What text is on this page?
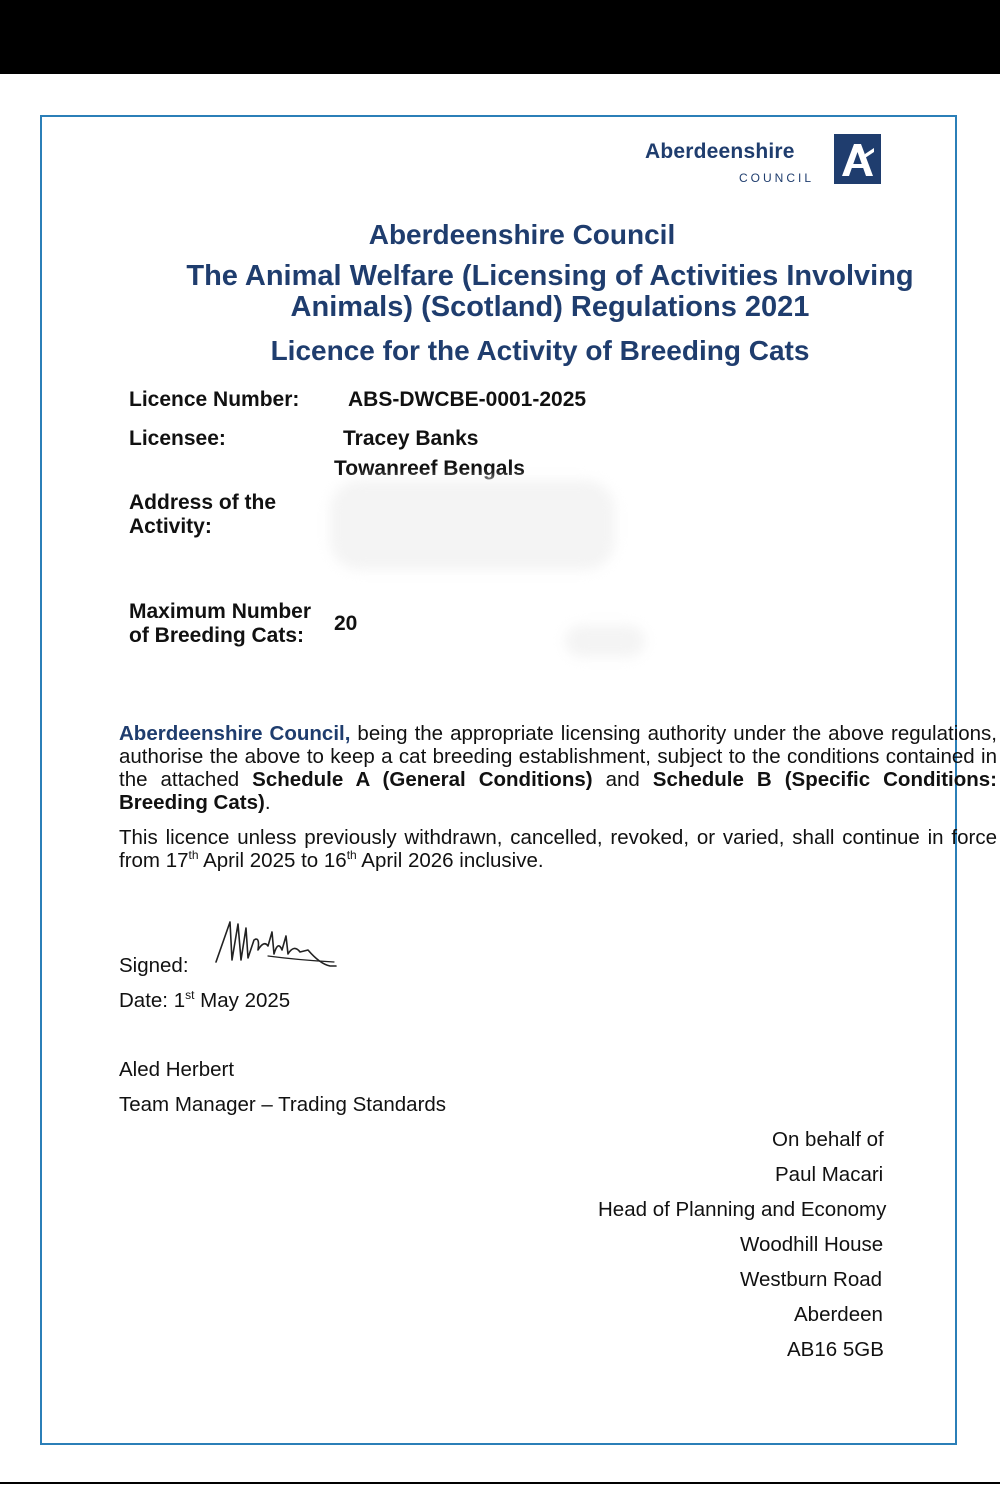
Aberdeenshire
COUNCIL
Aberdeenshire Council
The Animal Welfare (Licensing of Activities Involving Animals) (Scotland) Regulations 2021
Licence for the Activity of Breeding Cats
Licence Number: ABS-DWCBE-0001-2025
Licensee:	Tracey Banks
Towanreef Bengals
Address of the
Activity:
Maximum Number
of Breeding Cats:
20

Aberdeenshire Council, being the appropriate licensing authority under the above regulations, authorise the above to keep a cat breeding establishment, subject to the conditions contained in the attached Schedule A (General Conditions) and Schedule B (Specific Conditions: Breeding Cats).

This licence unless previously withdrawn, cancelled, revoked, or varied, shall continue in force from 17th April 2025 to 16th April 2026 inclusive.

Signed:
Date: 1st May 2025
Aled Herbert
Team Manager – Trading Standards
On behalf of
Paul Macari
Head of Planning and Economy
Woodhill House
Westburn Road
Aberdeen
AB16 5GB
